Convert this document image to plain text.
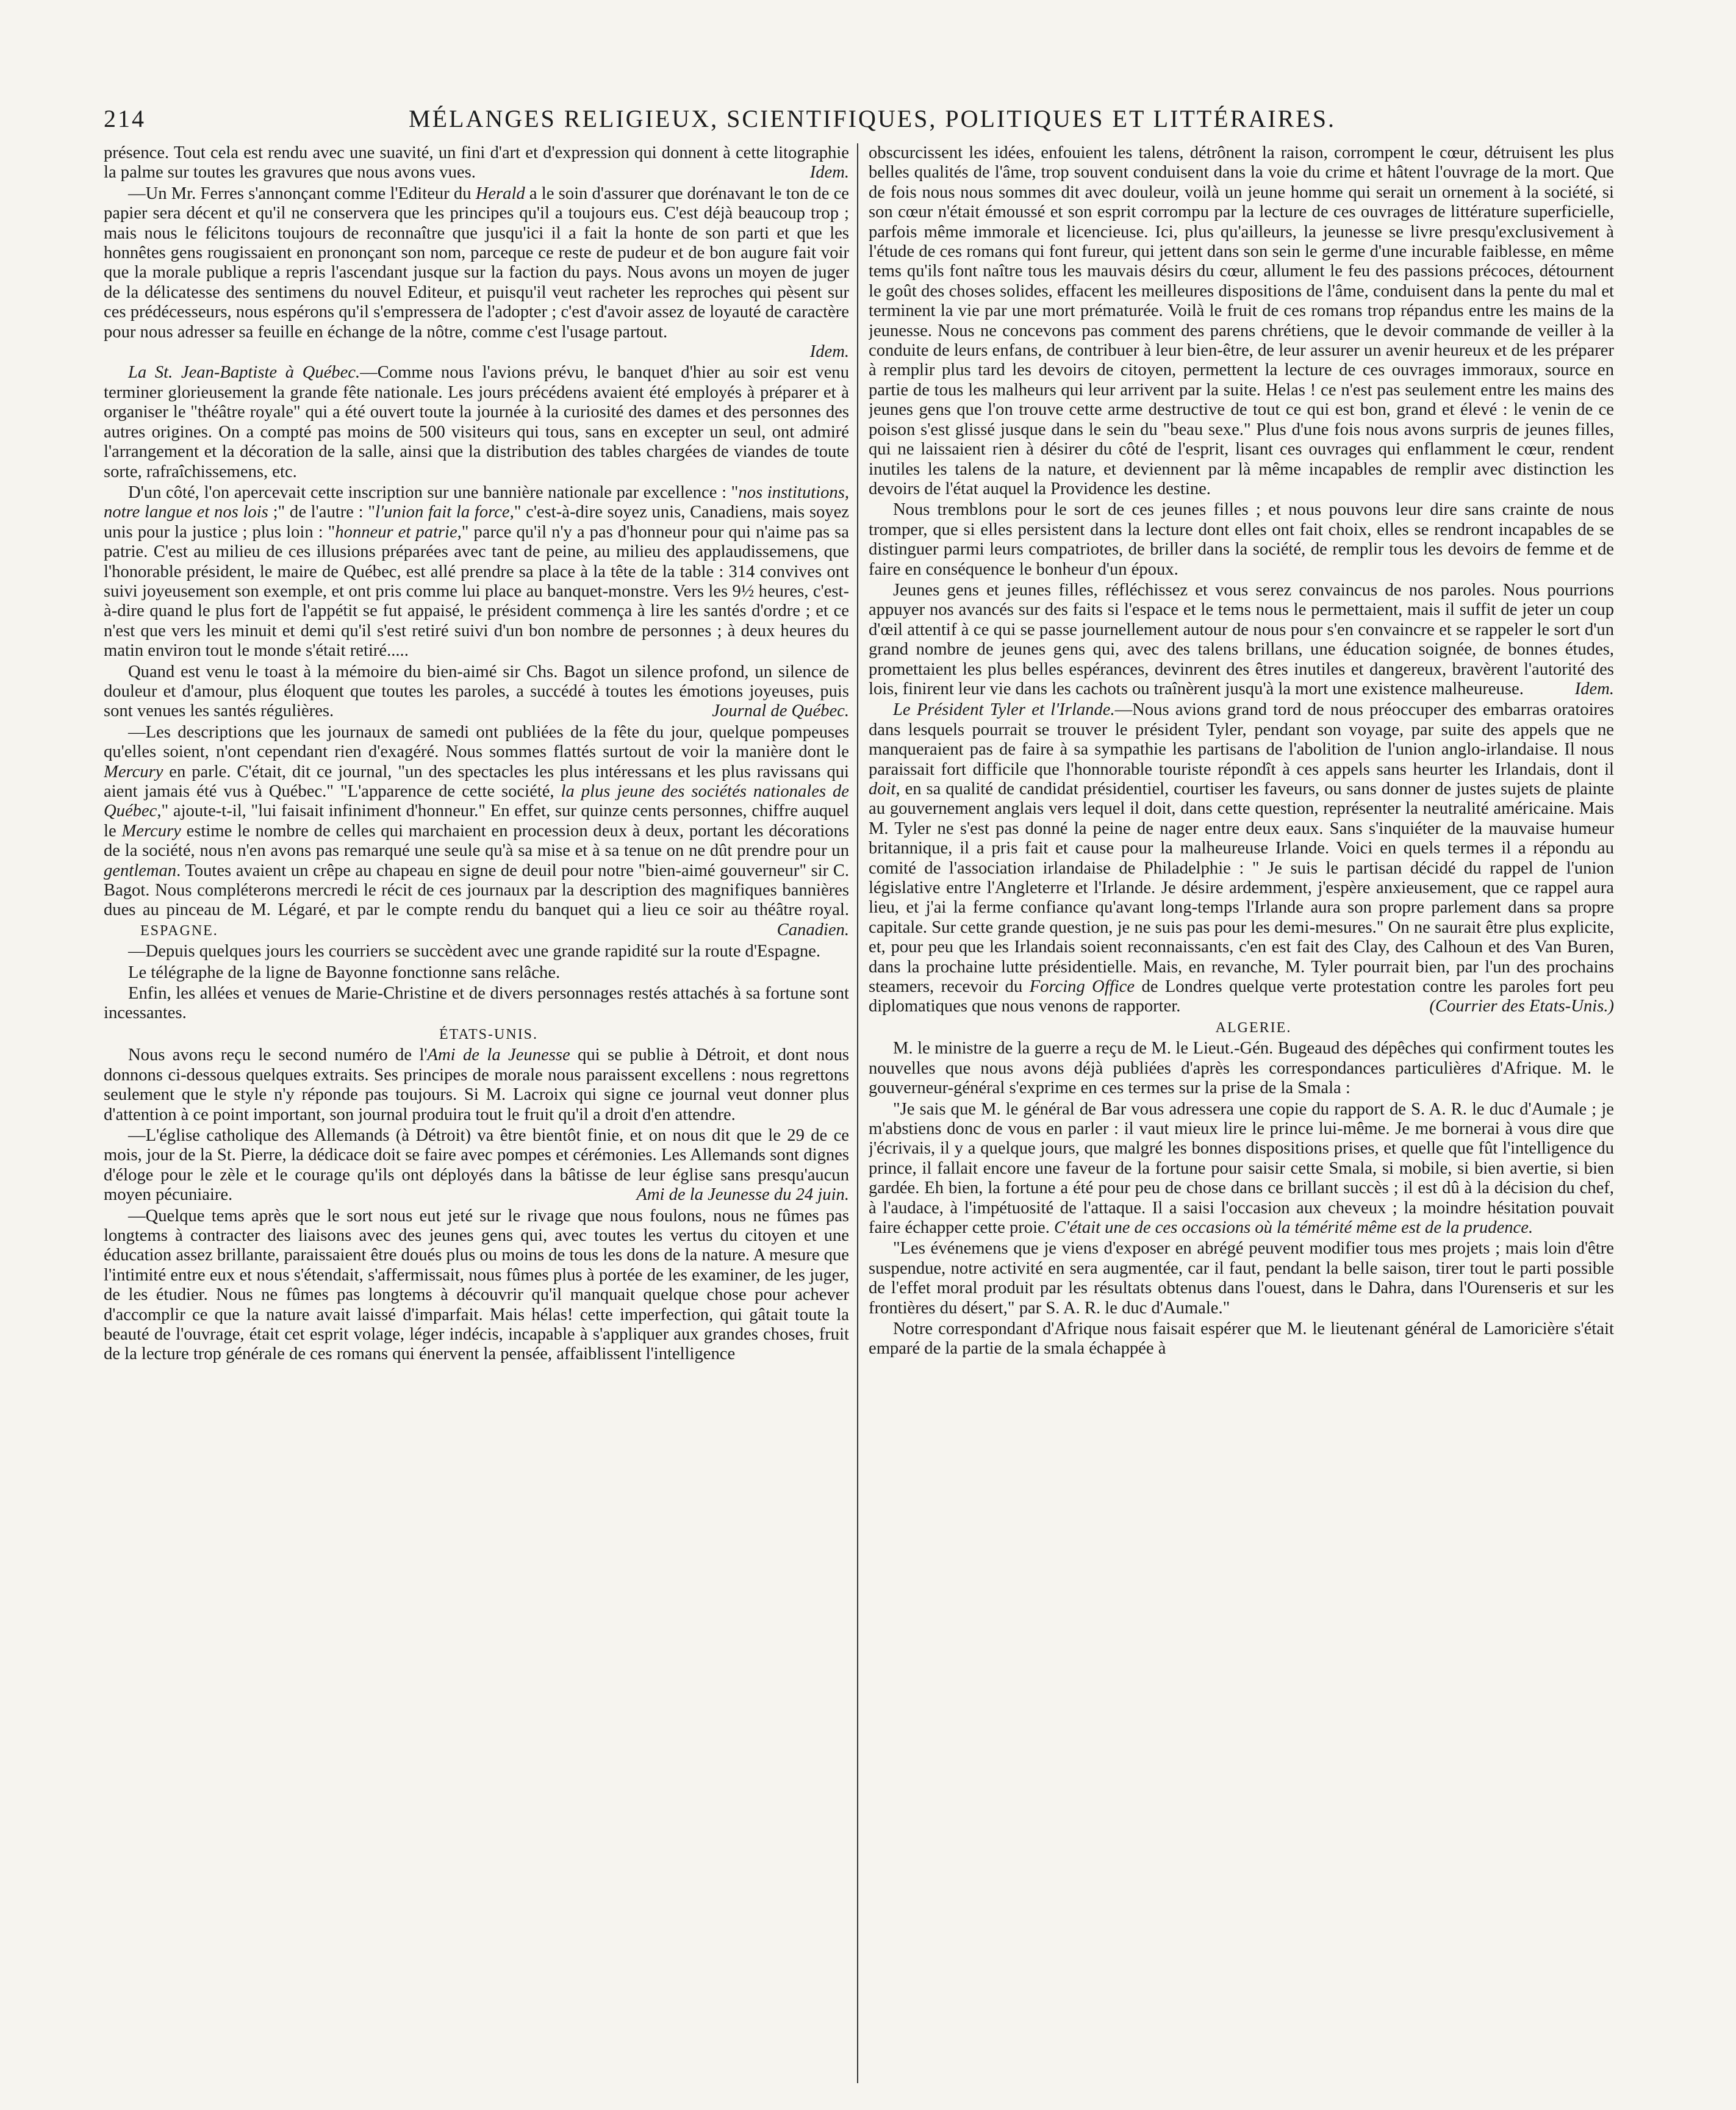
214	MÉLANGES RELIGIEUX, SCIENTIFIQUES, POLITIQUES ET LITTÉRAIRES.

présence. Tout cela est rendu avec une suavité, un fini d'art et d'expression qui donnent à cette litographie la palme sur toutes les gravures que nous avons vues.	Idem.

—Un Mr. Ferres s'annonçant comme l'Editeur du Herald a le soin d'assurer que dorénavant le ton de ce papier sera décent et qu'il ne conservera que les principes qu'il a toujours eus. C'est déjà beaucoup trop ; mais nous le félicitons toujours de reconnaître que jusqu'ici il a fait la honte de son parti et que les honnêtes gens rougissaient en prononçant son nom, parceque ce reste de pudeur et de bon augure fait voir que la morale publique a repris l'ascendant jusque sur la faction du pays. Nous avons un moyen de juger de la délicatesse des sentimens du nouvel Editeur, et puisqu'il veut racheter les reproches qui pèsent sur ces prédécesseurs, nous espérons qu'il s'empressera de l'adopter ; c'est d'avoir assez de loyauté de caractère pour nous adresser sa feuille en échange de la nôtre, comme c'est l'usage partout.
Idem.

La St. Jean-Baptiste à Québec.—Comme nous l'avions prévu, le banquet d'hier au soir est venu terminer glorieusement la grande fête nationale. Les jours précédens avaient été employés à préparer et à organiser le "théâtre royale" qui a été ouvert toute la journée à la curiosité des dames et des personnes des autres origines. On a compté pas moins de 500 visiteurs qui tous, sans en excepter un seul, ont admiré l'arrangement et la décoration de la salle, ainsi que la distribution des tables chargées de viandes de toute sorte, rafraîchissemens, etc.

D'un côté, l'on apercevait cette inscription sur une bannière nationale par excellence : "nos institutions, notre langue et nos lois ;" de l'autre : "l'union fait la force," c'est-à-dire soyez unis, Canadiens, mais soyez unis pour la justice ; plus loin : "honneur et patrie," parce qu'il n'y a pas d'honneur pour qui n'aime pas sa patrie. C'est au milieu de ces illusions préparées avec tant de peine, au milieu des applaudissemens, que l'honorable président, le maire de Québec, est allé prendre sa place à la tête de la table : 314 convives ont suivi joyeusement son exemple, et ont pris comme lui place au banquet-monstre. Vers les 9½ heures, c'est-à-dire quand le plus fort de l'appétit se fut appaisé, le président commença à lire les santés d'ordre ; et ce n'est que vers les minuit et demi qu'il s'est retiré suivi d'un bon nombre de personnes ; à deux heures du matin environ tout le monde s'était retiré.....

Quand est venu le toast à la mémoire du bien-aimé sir Chs. Bagot un silence profond, un silence de douleur et d'amour, plus éloquent que toutes les paroles, a succédé à toutes les émotions joyeuses, puis sont venues les santés régulières.	Journal de Québec.

—Les descriptions que les journaux de samedi ont publiées de la fête du jour, quelque pompeuses qu'elles soient, n'ont cependant rien d'exagéré. Nous sommes flattés surtout de voir la manière dont le Mercury en parle. C'était, dit ce journal, "un des spectacles les plus intéressans et les plus ravissans qui aient jamais été vus à Québec." "L'apparence de cette société, la plus jeune des sociétés nationales de Québec," ajoute-t-il, "lui faisait infiniment d'honneur." En effet, sur quinze cents personnes, chiffre auquel le Mercury estime le nombre de celles qui marchaient en procession deux à deux, portant les décorations de la société, nous n'en avons pas remarqué une seule qu'à sa mise et à sa tenue on ne dût prendre pour un gentleman. Toutes avaient un crêpe au chapeau en signe de deuil pour notre "bien-aimé gouverneur" sir C. Bagot. Nous compléterons mercredi le récit de ces journaux par la description des magnifiques bannières dues au pinceau de M. Légaré, et par le compte rendu du banquet qui a lieu ce soir au théâtre royal. ESPAGNE.	Canadien.

—Depuis quelques jours les courriers se succèdent avec une grande rapidité sur la route d'Espagne.

Le télégraphe de la ligne de Bayonne fonctionne sans relâche.

Enfin, les allées et venues de Marie-Christine et de divers personnages restés attachés à sa fortune sont incessantes.

ÉTATS-UNIS.

Nous avons reçu le second numéro de l'Ami de la Jeunesse qui se publie à Détroit, et dont nous donnons ci-dessous quelques extraits. Ses principes de morale nous paraissent excellens : nous regrettons seulement que le style n'y réponde pas toujours. Si M. Lacroix qui signe ce journal veut donner plus d'attention à ce point important, son journal produira tout le fruit qu'il a droit d'en attendre.

—L'église catholique des Allemands (à Détroit) va être bientôt finie, et on nous dit que le 29 de ce mois, jour de la St. Pierre, la dédicace doit se faire avec pompes et cérémonies. Les Allemands sont dignes d'éloge pour le zèle et le courage qu'ils ont déployés dans la bâtisse de leur église sans presqu'aucun moyen pécuniaire.	Ami de la Jeunesse du 24 juin.

—Quelque tems après que le sort nous eut jeté sur le rivage que nous foulons, nous ne fûmes pas longtems à contracter des liaisons avec des jeunes gens qui, avec toutes les vertus du citoyen et une éducation assez brillante, paraissaient être doués plus ou moins de tous les dons de la nature. A mesure que l'intimité entre eux et nous s'étendait, s'affermissait, nous fûmes plus à portée de les examiner, de les juger, de les étudier. Nous ne fûmes pas longtems à découvrir qu'il manquait quelque chose pour achever d'accomplir ce que la nature avait laissé d'imparfait. Mais hélas! cette imperfection, qui gâtait toute la beauté de l'ouvrage, était cet esprit volage, léger indécis, incapable à s'appliquer aux grandes choses, fruit de la lecture trop générale de ces romans qui énervent la pensée, affaiblissent l'intelligence

obscurcissent les idées, enfouient les talens, détrônent la raison, corrompent le cœur, détruisent les plus belles qualités de l'âme, trop souvent conduisent dans la voie du crime et hâtent l'ouvrage de la mort. Que de fois nous nous sommes dit avec douleur, voilà un jeune homme qui serait un ornement à la société, si son cœur n'était émoussé et son esprit corrompu par la lecture de ces ouvrages de littérature superficielle, parfois même immorale et licencieuse. Ici, plus qu'ailleurs, la jeunesse se livre presqu'exclusivement à l'étude de ces romans qui font fureur, qui jettent dans son sein le germe d'une incurable faiblesse, en même tems qu'ils font naître tous les mauvais désirs du cœur, allument le feu des passions précoces, détournent le goût des choses solides, effacent les meilleures dispositions de l'âme, conduisent dans la pente du mal et terminent la vie par une mort prématurée. Voilà le fruit de ces romans trop répandus entre les mains de la jeunesse. Nous ne concevons pas comment des parens chrétiens, que le devoir commande de veiller à la conduite de leurs enfans, de contribuer à leur bien-être, de leur assurer un avenir heureux et de les préparer à remplir plus tard les devoirs de citoyen, permettent la lecture de ces ouvrages immoraux, source en partie de tous les malheurs qui leur arrivent par la suite. Helas ! ce n'est pas seulement entre les mains des jeunes gens que l'on trouve cette arme destructive de tout ce qui est bon, grand et élevé : le venin de ce poison s'est glissé jusque dans le sein du "beau sexe." Plus d'une fois nous avons surpris de jeunes filles, qui ne laissaient rien à désirer du côté de l'esprit, lisant ces ouvrages qui enflamment le cœur, rendent inutiles les talens de la nature, et deviennent par là même incapables de remplir avec distinction les devoirs de l'état auquel la Providence les destine.

Nous tremblons pour le sort de ces jeunes filles ; et nous pouvons leur dire sans crainte de nous tromper, que si elles persistent dans la lecture dont elles ont fait choix, elles se rendront incapables de se distinguer parmi leurs compatriotes, de briller dans la société, de remplir tous les devoirs de femme et de faire en conséquence le bonheur d'un époux.

Jeunes gens et jeunes filles, réfléchissez et vous serez convaincus de nos paroles. Nous pourrions appuyer nos avancés sur des faits si l'espace et le tems nous le permettaient, mais il suffit de jeter un coup d'œil attentif à ce qui se passe journellement autour de nous pour s'en convaincre et se rappeler le sort d'un grand nombre de jeunes gens qui, avec des talens brillans, une éducation soignée, de bonnes études, promettaient les plus belles espérances, devinrent des êtres inutiles et dangereux, bravèrent l'autorité des lois, finirent leur vie dans les cachots ou traînèrent jusqu'à la mort une existence malheureuse.	Idem.

Le Président Tyler et l'Irlande.—Nous avions grand tord de nous préoccuper des embarras oratoires dans lesquels pourrait se trouver le président Tyler, pendant son voyage, par suite des appels que ne manqueraient pas de faire à sa sympathie les partisans de l'abolition de l'union anglo-irlandaise. Il nous paraissait fort difficile que l'honnorable touriste répondît à ces appels sans heurter les Irlandais, dont il doit, en sa qualité de candidat présidentiel, courtiser les faveurs, ou sans donner de justes sujets de plainte au gouvernement anglais vers lequel il doit, dans cette question, représenter la neutralité américaine. Mais M. Tyler ne s'est pas donné la peine de nager entre deux eaux. Sans s'inquiéter de la mauvaise humeur britannique, il a pris fait et cause pour la malheureuse Irlande. Voici en quels termes il a répondu au comité de l'association irlandaise de Philadelphie : " Je suis le partisan décidé du rappel de l'union législative entre l'Angleterre et l'Irlande. Je désire ardemment, j'espère anxieusement, que ce rappel aura lieu, et j'ai la ferme confiance qu'avant long-temps l'Irlande aura son propre parlement dans sa propre capitale. Sur cette grande question, je ne suis pas pour les demi-mesures." On ne saurait être plus explicite, et, pour peu que les Irlandais soient reconnaissants, c'en est fait des Clay, des Calhoun et des Van Buren, dans la prochaine lutte présidentielle. Mais, en revanche, M. Tyler pourrait bien, par l'un des prochains steamers, recevoir du Forcing Office de Londres quelque verte protestation contre les paroles fort peu diplomatiques que nous venons de rapporter.	(Courrier des Etats-Unis.)

ALGERIE.

M. le ministre de la guerre a reçu de M. le Lieut.-Gén. Bugeaud des dépêches qui confirment toutes les nouvelles que nous avons déjà publiées d'après les correspondances particulières d'Afrique. M. le gouverneur-général s'exprime en ces termes sur la prise de la Smala :

"Je sais que M. le général de Bar vous adressera une copie du rapport de S. A. R. le duc d'Aumale ; je m'abstiens donc de vous en parler : il vaut mieux lire le prince lui-même. Je me bornerai à vous dire que j'écrivais, il y a quelque jours, que malgré les bonnes dispositions prises, et quelle que fût l'intelligence du prince, il fallait encore une faveur de la fortune pour saisir cette Smala, si mobile, si bien avertie, si bien gardée. Eh bien, la fortune a été pour peu de chose dans ce brillant succès ; il est dû à la décision du chef, à l'audace, à l'impétuosité de l'attaque. Il a saisi l'occasion aux cheveux ; la moindre hésitation pouvait faire échapper cette proie. C'était une de ces occasions où la témérité même est de la prudence.

"Les événemens que je viens d'exposer en abrégé peuvent modifier tous mes projets ; mais loin d'être suspendue, notre activité en sera augmentée, car il faut, pendant la belle saison, tirer tout le parti possible de l'effet moral produit par les résultats obtenus dans l'ouest, dans le Dahra, dans l'Ourenseris et sur les frontières du désert," par S. A. R. le duc d'Aumale."

Notre correspondant d'Afrique nous faisait espérer que M. le lieutenant général de Lamoricière s'était emparé de la partie de la smala échappée à
